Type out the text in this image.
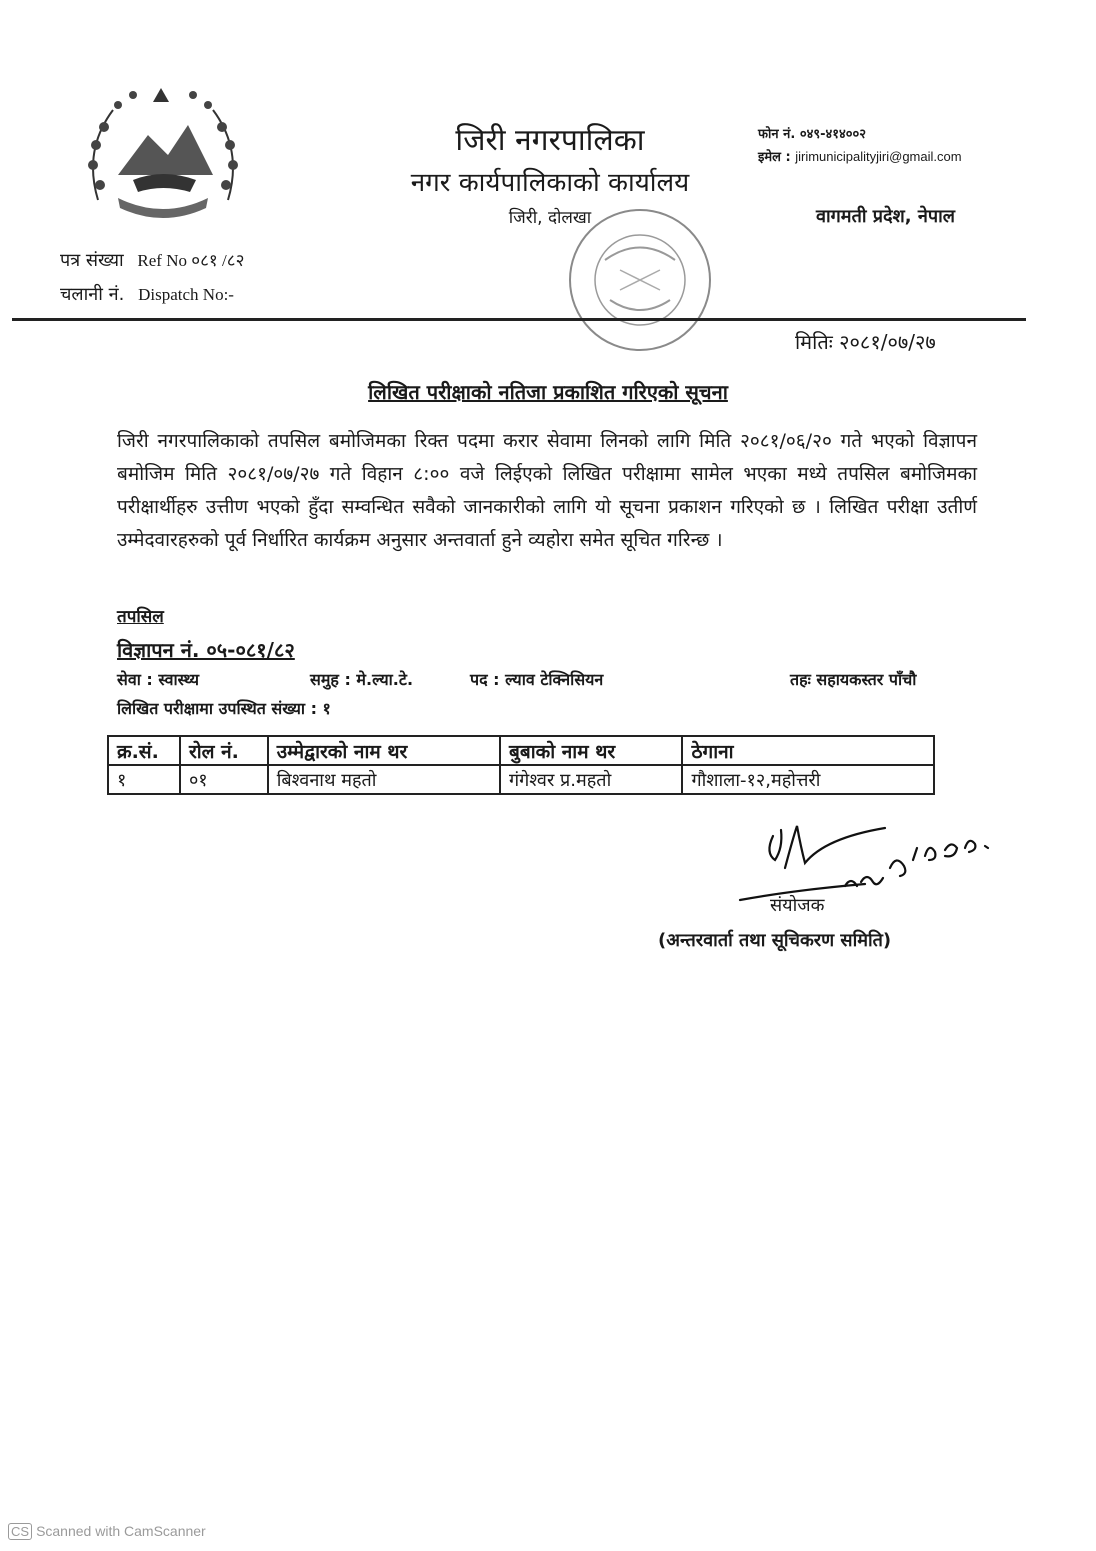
जिरी नगरपालिका
नगर कार्यपालिकाको कार्यालय
जिरी, दोलखा
फोन नं. ०४९-४१४००२
इमेल : jirimunicipalityjiri@gmail.com
वागमती प्रदेश, नेपाल
पत्र संख्या Ref No ०८१ /८२
चलानी नं. Dispatch No:-
मितिः २०८१/०७/२७
लिखित परीक्षाको नतिजा प्रकाशित गरिएको सूचना
जिरी नगरपालिकाको तपसिल बमोजिमका रिक्त पदमा करार सेवामा लिनको लागि मिति २०८१/०६/२० गते भएको विज्ञापन बमोजिम मिति २०८१/०७/२७ गते विहान ८:०० वजे लिईएको लिखित परीक्षामा सामेल भएका मध्ये तपसिल बमोजिमका परीक्षार्थीहरु उत्तीण भएको हुँदा सम्वन्धित सवैको जानकारीको लागि यो सूचना प्रकाशन गरिएको छ । लिखित परीक्षा उतीर्ण उम्मेदवारहरुको पूर्व निर्धारित कार्यक्रम अनुसार अन्तवार्ता हुने व्यहोरा समेत सूचित गरिन्छ ।
तपसिल
विज्ञापन नं. ०५-०८१/८२
सेवा : स्वास्थ्य	समुह : मे.ल्या.टे.	पद : ल्याव टेक्निसियन	तहः सहायकस्तर पाँचौ
लिखित परीक्षामा उपस्थित संख्या : १
क्र.सं.	रोल नं.	उम्मेद्वारको नाम थर	बुबाको नाम थर	ठेगाना
१	०१	बिश्वनाथ महतो	गंगेश्वर प्र.महतो	गौशाला-१२,महोत्तरी
संयोजक
(अन्तरवार्ता तथा सूचिकरण समिति)
CS Scanned with CamScanner
